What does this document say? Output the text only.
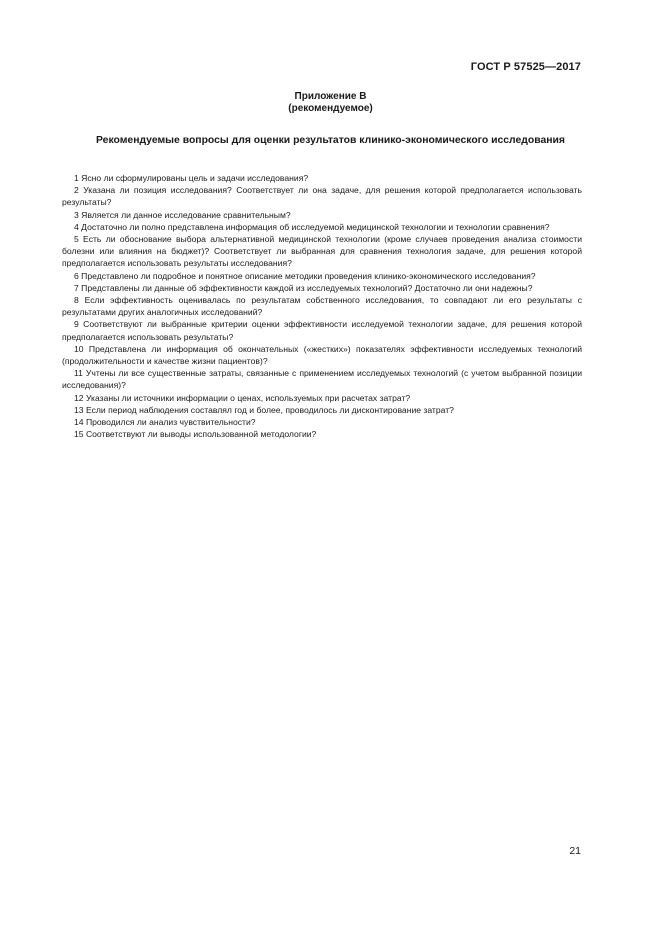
ГОСТ Р 57525—2017
Приложение В
(рекомендуемое)
Рекомендуемые вопросы для оценки результатов клинико-экономического исследования

1 Ясно ли сформулированы цель и задачи исследования?

2 Указана ли позиция исследования? Соответствует ли она задаче, для решения которой предполагается использовать результаты?

3 Является ли данное исследование сравнительным?

4 Достаточно ли полно представлена информация об исследуемой медицинской технологии и технологии сравнения?

5 Есть ли обоснование выбора альтернативной медицинской технологии (кроме случаев проведения анализа стоимости болезни или влияния на бюджет)? Соответствует ли выбранная для сравнения технология задаче, для решения которой предполагается использовать результаты исследования?

6 Представлено ли подробное и понятное описание методики проведения клинико-экономического исследования?

7 Представлены ли данные об эффективности каждой из исследуемых технологий? Достаточно ли они надежны?

8 Если эффективность оценивалась по результатам собственного исследования, то совпадают ли его результаты с результатами других аналогичных исследований?

9 Соответствуют ли выбранные критерии оценки эффективности исследуемой технологии задаче, для решения которой предполагается использовать результаты?

10 Представлена ли информация об окончательных («жестких») показателях эффективности исследуемых технологий (продолжительности и качестве жизни пациентов)?

11 Учтены ли все существенные затраты, связанные с применением исследуемых технологий (с учетом выбранной позиции исследования)?

12 Указаны ли источники информации о ценах, используемых при расчетах затрат?

13 Если период наблюдения составлял год и более, проводилось ли дисконтирование затрат?

14 Проводился ли анализ чувствительности?

15 Соответствуют ли выводы использованной методологии?

21
